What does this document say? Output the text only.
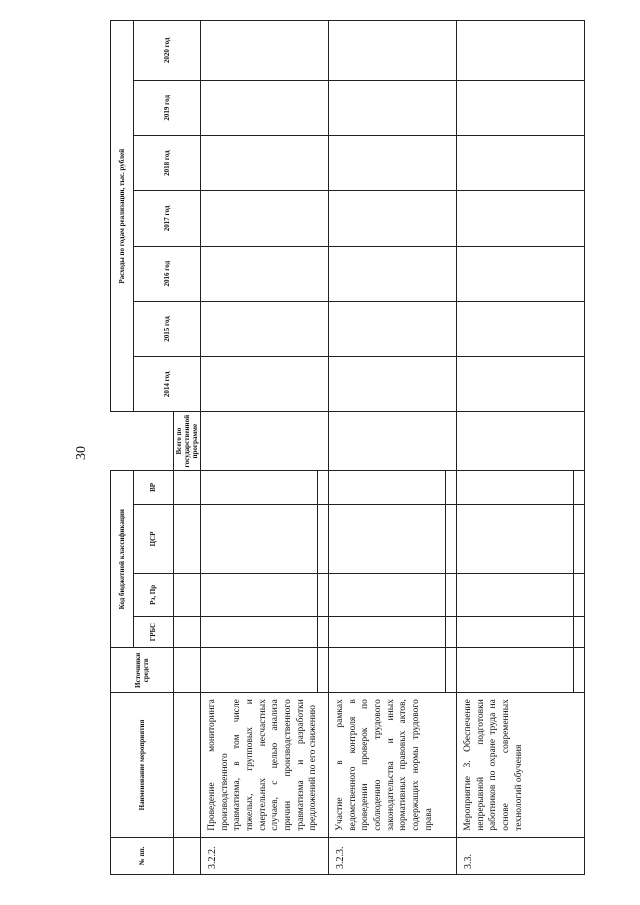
30
№ пп.	Наименование мероприятия	Источники средств	Код бюджетной классификации					Расходы по годам реализации, тыс. рублей						
			ГРБС	Рз, Пр	ЦСР	ВР		2014 год	2015 год	2016 год	2017 год	2018 год	2019 год	2020 год
							Всего по государственной программе							
3.2.2.	Проведение мониторинга производственного травматизма, в том числе тяжелых, групповых и смертельных несчастных случаев, с целью анализа причин производственного травматизма и разработки предложений по его снижению	

3.2.3.	Участие в рамках ведомственного контроля в проведении проверок по соблюдению трудового законодательства и иных нормативных правовых актов, содержащих нормы трудового права	

3.3.	Мероприятие 3. Обеспечение непрерывной подготовки работников по охране труда на основе современных технологий обучения	
